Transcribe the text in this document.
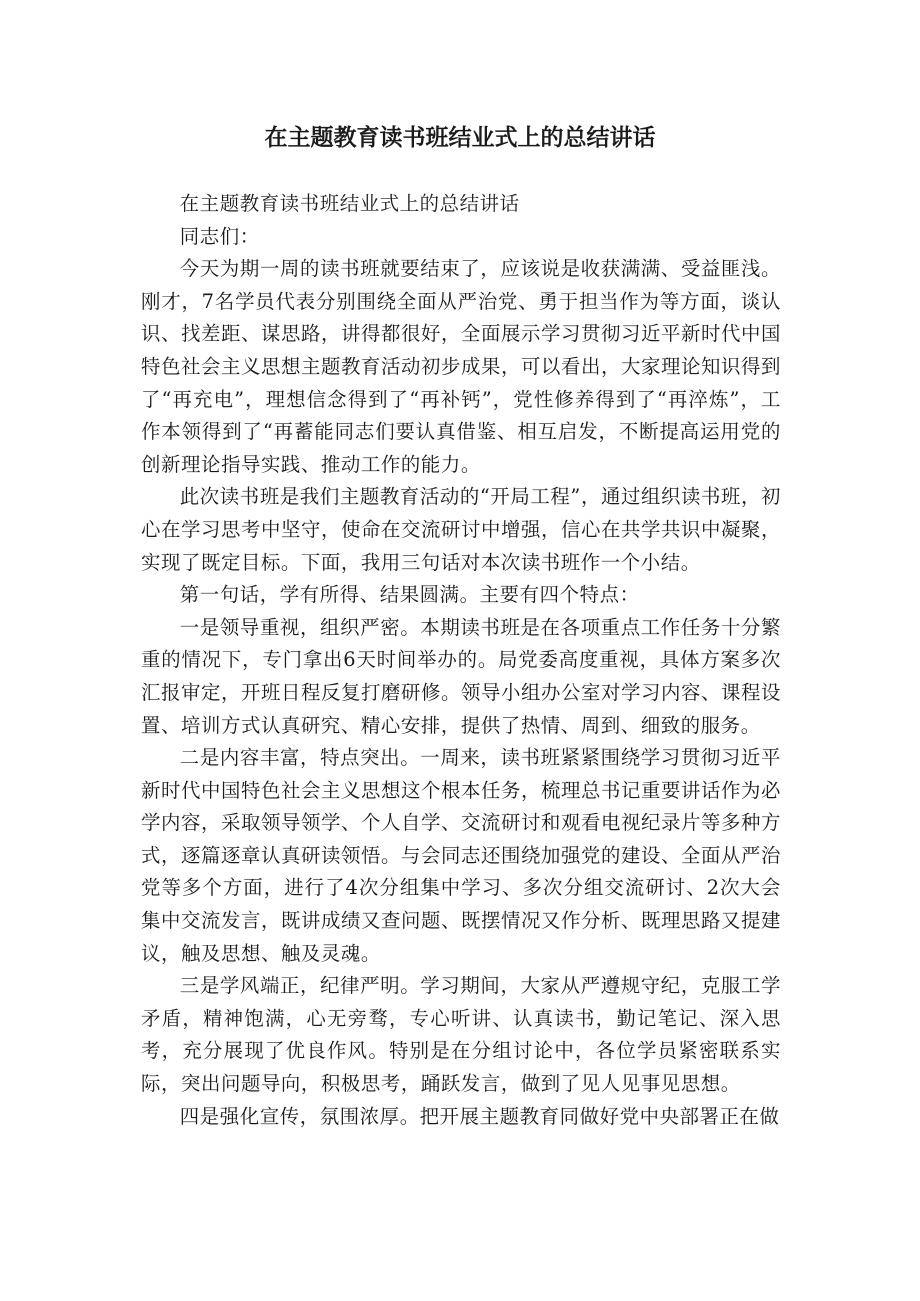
在主题教育读书班结业式上的总结讲话

在主题教育读书班结业式上的总结讲话

同志们：

今天为期一周的读书班就要结束了，应该说是收获满满、受益匪浅。刚才，7名学员代表分别围绕全面从严治党、勇于担当作为等方面，谈认识、找差距、谋思路，讲得都很好，全面展示学习贯彻习近平新时代中国特色社会主义思想主题教育活动初步成果，可以看出，大家理论知识得到了“再充电”，理想信念得到了“再补钙”，党性修养得到了“再淬炼”，工作本领得到了“再蓄能同志们要认真借鉴、相互启发，不断提高运用党的创新理论指导实践、推动工作的能力。

此次读书班是我们主题教育活动的“开局工程”，通过组织读书班，初心在学习思考中坚守，使命在交流研讨中增强，信心在共学共识中凝聚，实现了既定目标。下面，我用三句话对本次读书班作一个小结。

第一句话，学有所得、结果圆满。主要有四个特点：

一是领导重视，组织严密。本期读书班是在各项重点工作任务十分繁重的情况下，专门拿出6天时间举办的。局党委高度重视，具体方案多次汇报审定，开班日程反复打磨研修。领导小组办公室对学习内容、课程设置、培训方式认真研究、精心安排，提供了热情、周到、细致的服务。

二是内容丰富，特点突出。一周来，读书班紧紧围绕学习贯彻习近平新时代中国特色社会主义思想这个根本任务，梳理总书记重要讲话作为必学内容，采取领导领学、个人自学、交流研讨和观看电视纪录片等多种方式，逐篇逐章认真研读领悟。与会同志还围绕加强党的建设、全面从严治党等多个方面，进行了4次分组集中学习、多次分组交流研讨、2次大会集中交流发言，既讲成绩又查问题、既摆情况又作分析、既理思路又提建议，触及思想、触及灵魂。

三是学风端正，纪律严明。学习期间，大家从严遵规守纪，克服工学矛盾，精神饱满，心无旁骛，专心听讲、认真读书，勤记笔记、深入思考，充分展现了优良作风。特别是在分组讨论中，各位学员紧密联系实际，突出问题导向，积极思考，踊跃发言，做到了见人见事见思想。

四是强化宣传，氛围浓厚。把开展主题教育同做好党中央部署正在做
